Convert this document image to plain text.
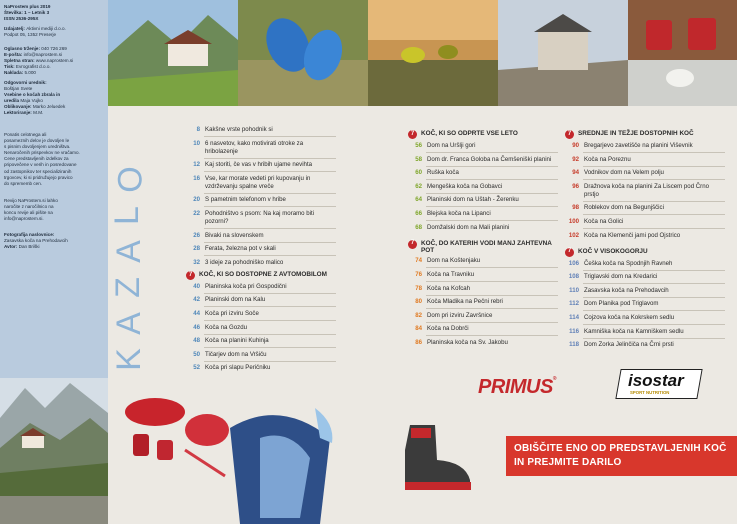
NaProstem plus 2019
Številka: 1 – Letnik 3
ISSN 2536-295X
Izdajatelj: Aktivni mediji d.o.o.
Podpot 05, 1352 Preserje
Oglasno trženje: 040 726 269
E-pošta: info@naprostem.si
Spletna stran: www.naprostem.si
Tisk: Evrografist d.o.o.
Naklada: 5.000
Odgovorni urednik:
Boštjan Svete
Vsebine o kočah zbrala in
uredila Maja Vujko
Oblikovanje: Marko Jeluedek
Lektoriranje: M.M.
Ponatis celotnega ali
posameznih delov je dovoljen le
s pisnim dovoljenjem uredništva.
Nenaročenih prispevkov ne vračamo.
Cene predstavljenih izdelkov za
pripovečene v verih in posredovane
od zastopnikov ter specializiranih
trgovcev, ki si pridružujejo pravico
do sprememb cen.
Revijo NaProstem.si lahko
naročite z naročilnico na
koncu revije ali pišite na
info@naprostem.si.
Fotografija naslovnice:
Zasavska koča na Prehodavcih
Avtor: Dan Briški
K
A
Z
A
L
O
8 Kakšne vrste pohodnik si
10 6 nasvetov, kako motivirati otroke za hribolazenje
12 Kaj storiti, če vas v hribih ujame nevihta
16 Vse, kar morate vedeti pri kupovanju in vzdrževanju spalne vreče
20 S pametnim telefonom v hribe
22 Pohodništvo s psom: Na kaj moramo biti pozorni?
26 Bivaki na slovenskem
28 Ferata, železna pot v skali
32 3 ideje za pohodniško malico
7	KOČ, KI SO DOSTOPNE Z AVTOMOBILOM
40 Planinska koča pri Gospodični
42 Planinski dom na Kalu
44 Koča pri izviru Soče
46 Koča na Gozdu
48 Koča na planini Kuhinja
50 Tičarjev dom na Vršiču
52 Koča pri slapu Peričniku
7	KOČ, KI SO ODPRTE VSE LETO
56 Dom na Uršlji gori
58 Dom dr. Franca Goloba na Čemšeniški planini
60 Ruška koča
62 Mengeška koča na Gobavci
64 Planinski dom na Uštah - Žerenku
66 Blejska koča na Lipanci
68 Domžalski dom na Mali planini
7	KOČ, DO KATERIH VODI MANJ ZAHTEVNA POT
74 Dom na Koštenjaku
76 Koča na Travniku
78 Koča na Kofcah
80 Koča Mladika na Pečni rebri
82 Dom pri izviru Završnice
84 Koča na Dobrči
86 Planinska koča na Sv. Jakobu
7	SREDNJE IN TEŽJE DOSTOPNIH KOČ
90 Bregarjevo zavetišče na planini Viševnik
92 Koča na Poreznu
94 Vodnikov dom na Velem polju
96 Dražnova koča na planini Za Liscem pod Črno prstjo
98 Roblekov dom na Begunjščici
100 Koča na Golici
102 Koča na Klemenči jami pod Ojstrico
7	KOČ V VISOKOGORJU
106 Češka koča na Spodnjih Ravneh
108 Triglavski dom na Kredarici
110 Zasavska koča na Prehodavcih
112 Dom Planika pod Triglavom
114 Cojzova koča na Kokrskem sedlu
116 Kamniška koča na Kamniškem sedlu
118 Dom Zorka Jelinčiča na Črni prsti
PRIMUS®	isostar
SPORT NUTRITION
OBIŠČITE ENO OD PREDSTAVLJENIH KOČ
IN PREJMITE DARILO
